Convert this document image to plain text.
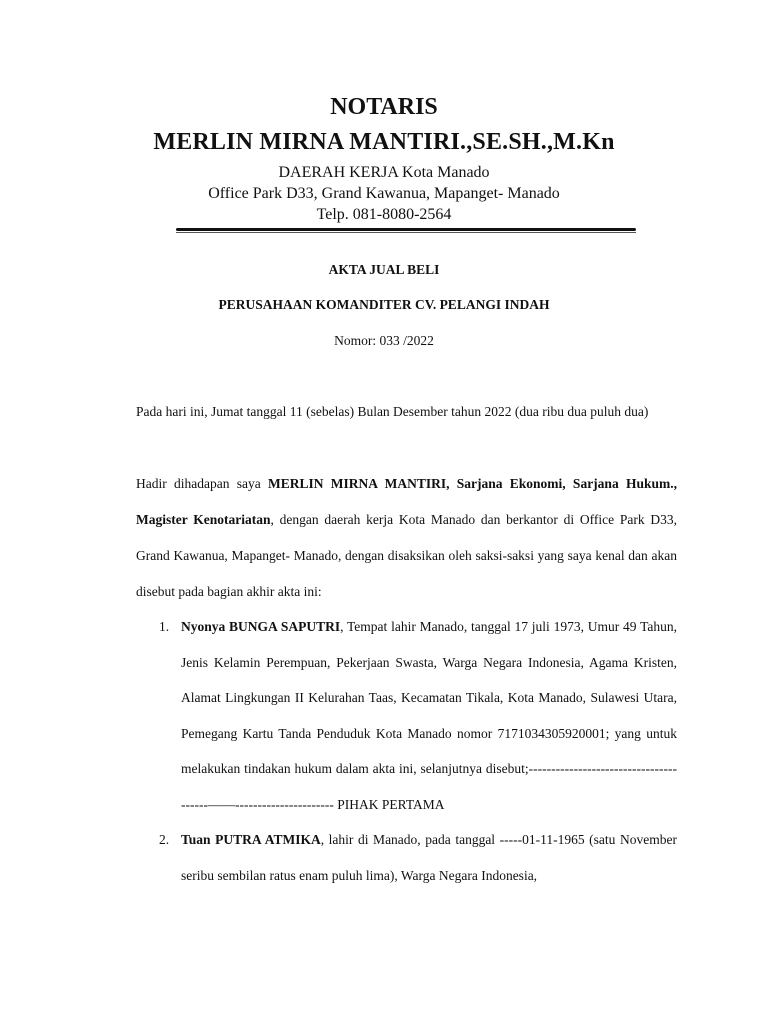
NOTARIS
MERLIN MIRNA MANTIRI.,SE.SH.,M.Kn
DAERAH KERJA Kota Manado
Office Park D33, Grand Kawanua, Mapanget- Manado
Telp. 081-8080-2564
AKTA JUAL BELI
PERUSAHAAN KOMANDITER CV. PELANGI INDAH
Nomor: 033 /2022
Pada hari ini, Jumat tanggal 11 (sebelas) Bulan Desember tahun 2022 (dua ribu dua puluh dua)
Hadir dihadapan saya MERLIN MIRNA MANTIRI, Sarjana Ekonomi, Sarjana Hukum., Magister Kenotariatan, dengan daerah kerja Kota Manado dan berkantor di Office Park D33, Grand Kawanua, Mapanget- Manado, dengan disaksikan oleh saksi-saksi yang saya kenal dan akan disebut pada bagian akhir akta ini:
1. Nyonya BUNGA SAPUTRI, Tempat lahir Manado, tanggal 17 juli 1973, Umur 49 Tahun, Jenis Kelamin Perempuan, Pekerjaan Swasta, Warga Negara Indonesia, Agama Kristen, Alamat Lingkungan II Kelurahan Taas, Kecamatan Tikala, Kota Manado, Sulawesi Utara, Pemegang Kartu Tanda Penduduk Kota Manado nomor 7171034305920001; yang untuk melakukan tindakan hukum dalam akta ini, selanjutnya disebut;---------------------------------------——---------------------- PIHAK PERTAMA
2. Tuan PUTRA ATMIKA, lahir di Manado, pada tanggal -----01-11-1965 (satu November seribu sembilan ratus enam puluh lima), Warga Negara Indonesia,
